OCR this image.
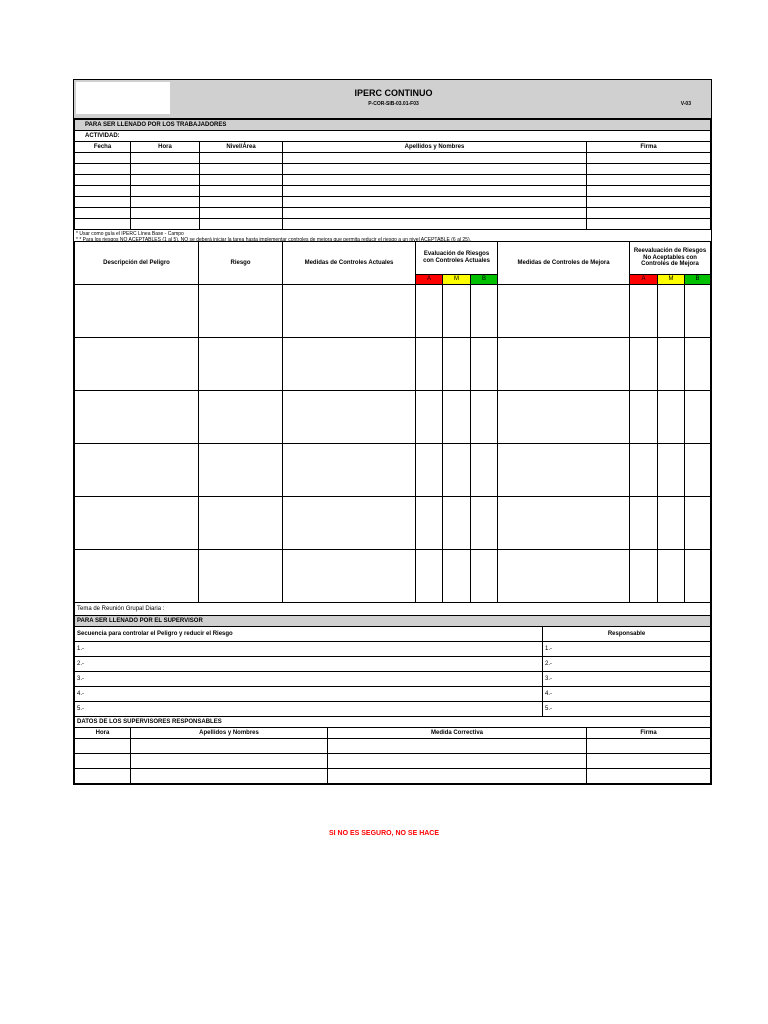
IPERC CONTINUO
P-COR-SIB-03.01-F03	V-03
PARA SER LLENADO POR LOS TRABAJADORES				
ACTIVIDAD:				
Fecha	Hora	Nivel/Área	Apellidos y Nombres	Firma

* Usar como guía el IPERC Línea Base - Campo
* * Para los riesgos NO ACEPTABLES (1 al 5), NO se deberá iniciar la tarea hasta implementar controles de mejora que permita reducir el riesgo a un nivel ACEPTABLE (6 al 25).
Descripción del Peligro	Riesgo	Medidas de Controles Actuales	Evaluación de Riesgos con Controles Actuales			Medidas de Controles de Mejora	Reevaluación de Riesgos No Aceptables con Controles de Mejora		
			A	M	B		A	M	B

Tema de Reunión Grupal Diaria :									
PARA SER LLENADO POR EL SUPERVISOR	
Secuencia para controlar el Peligro y reducir el Riesgo	Responsable
1.-	1.-
2.-	2.-
3.-	3.-
4.-	4.-
5.-	5.-
DATOS DE LOS SUPERVISORES RESPONSABLES			
Hora	Apellidos y Nombres	Medida Correctiva	Firma

SI NO ES SEGURO, NO SE HACE
